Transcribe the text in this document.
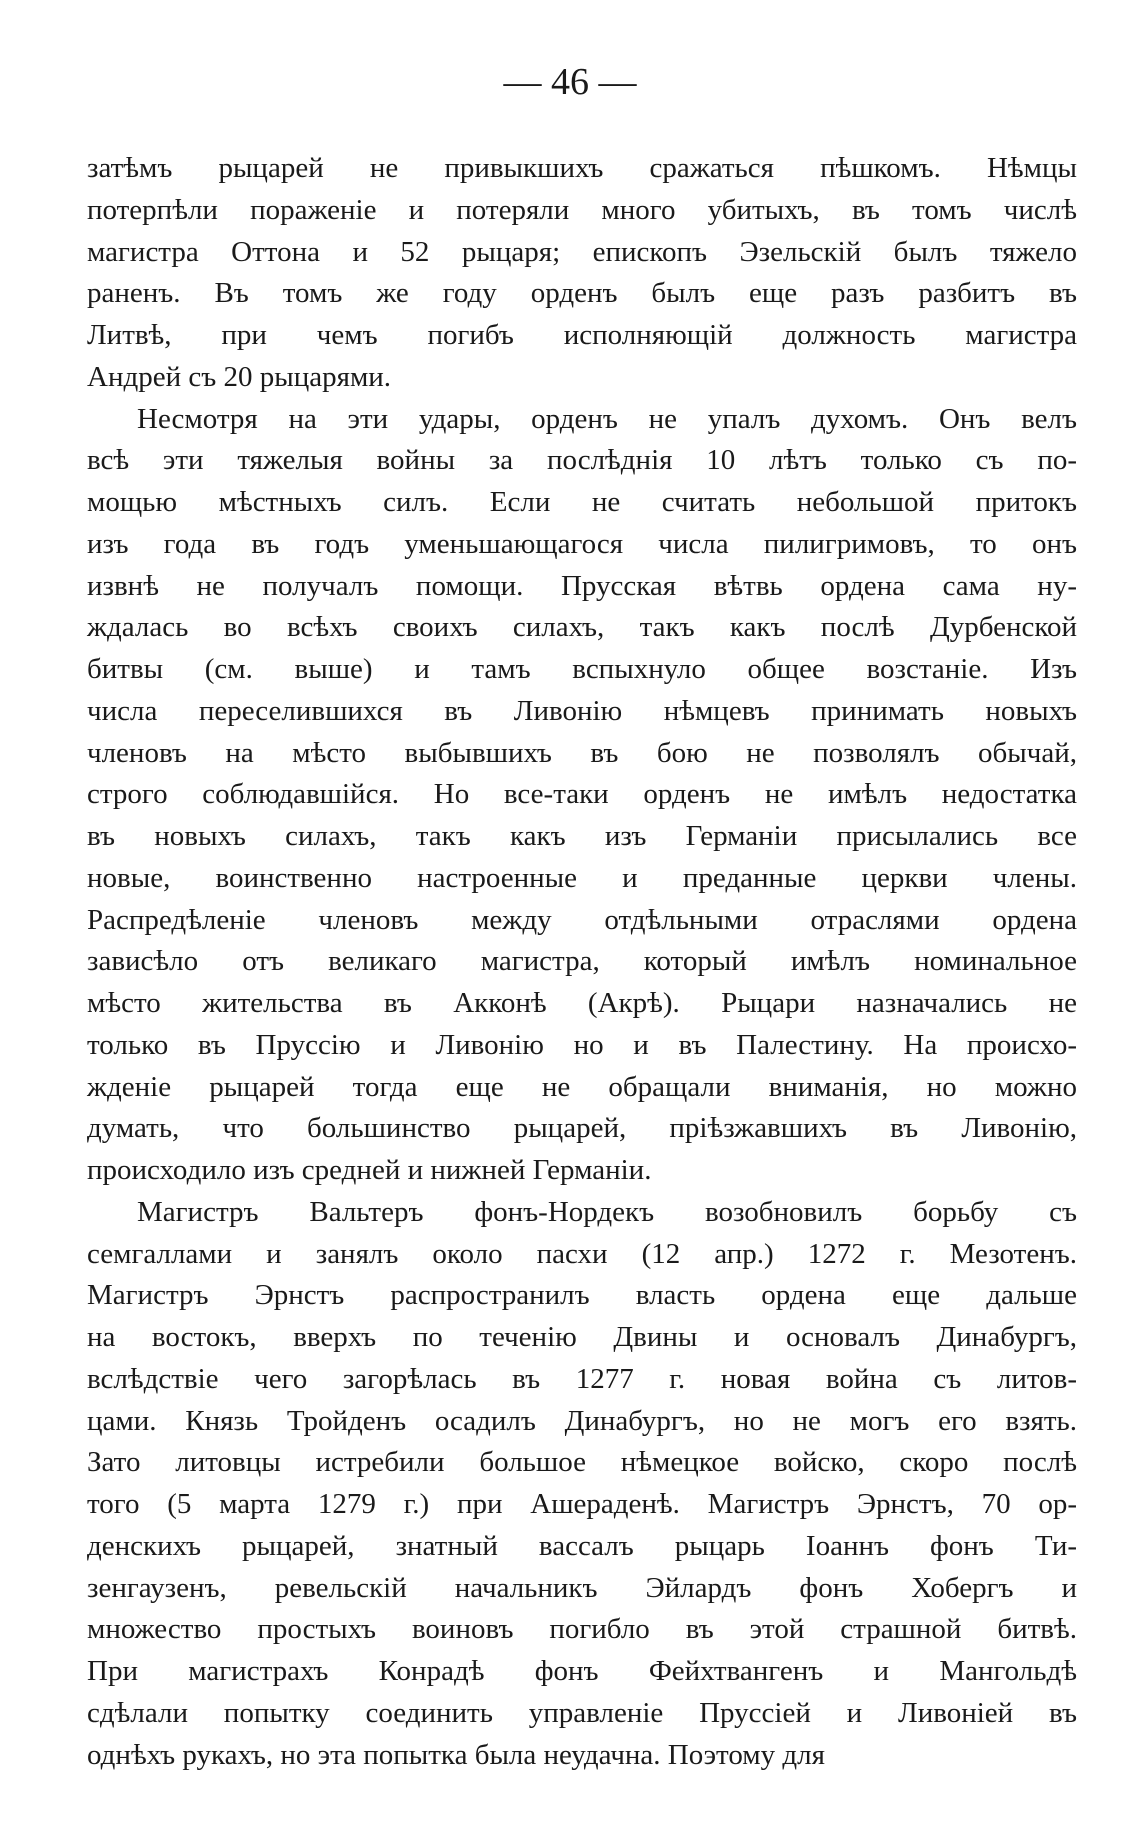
— 46 —
затѣмъ рыцарей не привыкшихъ сражаться пѣшкомъ. Нѣмцы
потерпѣли пораженіе и потеряли много убитыхъ, въ томъ числѣ
магистра Оттона и 52 рыцаря; епископъ Эзельскій былъ тяжело
раненъ. Въ томъ же году орденъ былъ еще разъ разбитъ въ
Литвѣ, при чемъ погибъ исполняющій должность магистра
Андрей съ 20 рыцарями.
Несмотря на эти удары, орденъ не упалъ духомъ. Онъ велъ
всѣ эти тяжелыя войны за послѣднія 10 лѣтъ только съ по-
мощью мѣстныхъ силъ. Если не считать небольшой притокъ
изъ года въ годъ уменьшающагося числа пилигримовъ, то онъ
извнѣ не получалъ помощи. Прусская вѣтвь ордена сама ну-
ждалась во всѣхъ своихъ силахъ, такъ какъ послѣ Дурбенской
битвы (см. выше) и тамъ вспыхнуло общее возстаніе. Изъ
числа переселившихся въ Ливонію нѣмцевъ принимать новыхъ
членовъ на мѣсто выбывшихъ въ бою не позволялъ обычай,
строго соблюдавшійся. Но все-таки орденъ не имѣлъ недостатка
въ новыхъ силахъ, такъ какъ изъ Германіи присылались все
новые, воинственно настроенные и преданные церкви члены.
Распредѣленіе членовъ между отдѣльными отраслями ордена
зависѣло отъ великаго магистра, который имѣлъ номинальное
мѣсто жительства въ Акконѣ (Акрѣ). Рыцари назначались не
только въ Пруссію и Ливонію но и въ Палестину. На происхо-
жденіе рыцарей тогда еще не обращали вниманія, но можно
думать, что большинство рыцарей, пріѣзжавшихъ въ Ливонію,
происходило изъ средней и нижней Германіи.
Магистръ Вальтеръ фонъ-Нордекъ возобновилъ борьбу съ
семгаллами и занялъ около пасхи (12 апр.) 1272 г. Мезотенъ.
Магистръ Эрнстъ распространилъ власть ордена еще дальше
на востокъ, вверхъ по теченію Двины и основалъ Динабургъ,
вслѣдствіе чего загорѣлась въ 1277 г. новая война съ литов-
цами. Князь Тройденъ осадилъ Динабургъ, но не могъ его взять.
Зато литовцы истребили большое нѣмецкое войско, скоро послѣ
того (5 марта 1279 г.) при Ашераденѣ. Магистръ Эрнстъ, 70 ор-
денскихъ рыцарей, знатный вассалъ рыцарь Іоаннъ фонъ Ти-
зенгаузенъ, ревельскій начальникъ Эйлардъ фонъ Хобергъ и
множество простыхъ воиновъ погибло въ этой страшной битвѣ.
При магистрахъ Конрадѣ фонъ Фейхтвангенъ и Мангольдѣ
сдѣлали попытку соединить управленіе Пруссіей и Ливоніей въ
однѣхъ рукахъ, но эта попытка была неудачна. Поэтому для
